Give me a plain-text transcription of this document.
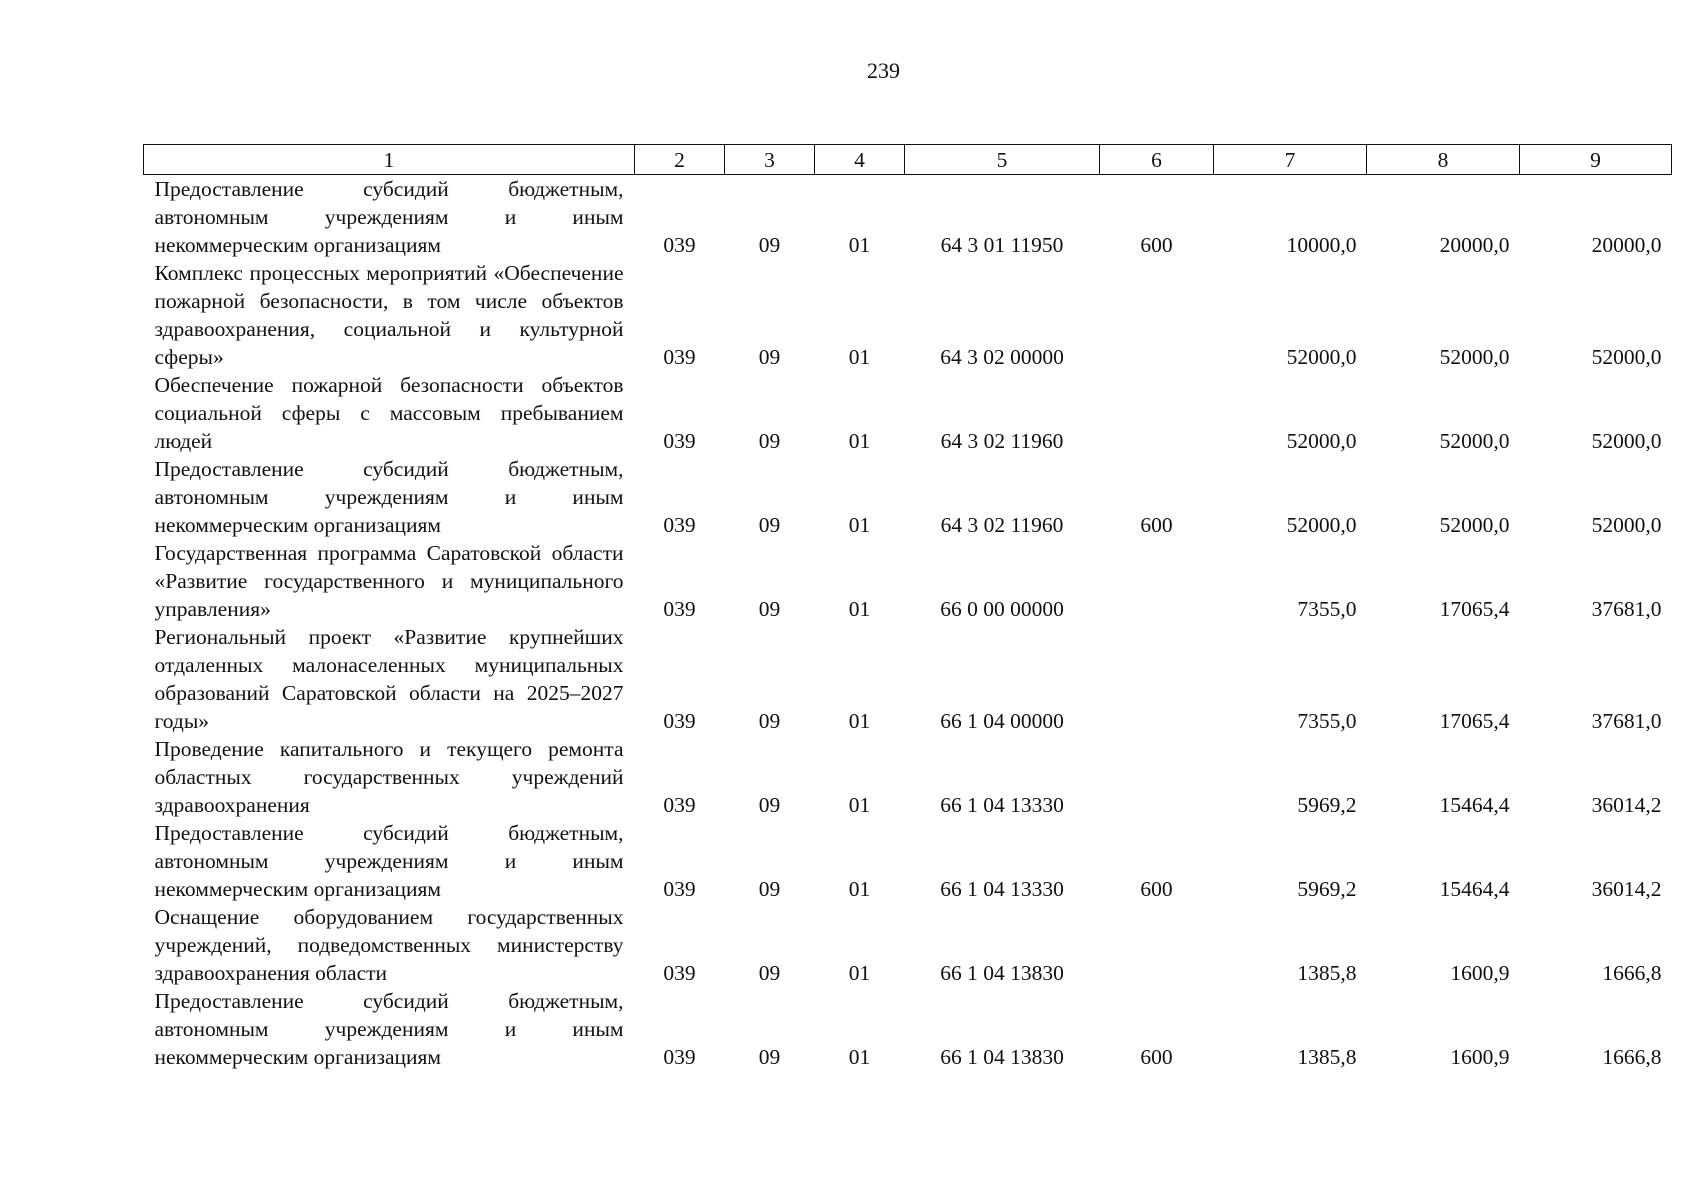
239
1	2	3	4	5	6	7	8	9
Предоставление субсидий бюджетным, автономным учреждениям и иным некоммерческим организациям	039	09	01	64 3 01 11950	600	10000,0	20000,0	20000,0
Комплекс процессных мероприятий «Обеспечение пожарной безопасности, в том числе объектов здравоохранения, социальной и культурной сферы»	039	09	01	64 3 02 00000		52000,0	52000,0	52000,0
Обеспечение пожарной безопасности объектов социальной сферы с массовым пребыванием людей	039	09	01	64 3 02 11960		52000,0	52000,0	52000,0
Предоставление субсидий бюджетным, автономным учреждениям и иным некоммерческим организациям	039	09	01	64 3 02 11960	600	52000,0	52000,0	52000,0
Государственная программа Саратовской области «Развитие государственного и муниципального управления»	039	09	01	66 0 00 00000		7355,0	17065,4	37681,0
Региональный проект «Развитие крупнейших отдаленных малонаселенных муниципальных образований Саратовской области на 2025–2027 годы»	039	09	01	66 1 04 00000		7355,0	17065,4	37681,0
Проведение капитального и текущего ремонта областных государственных учреждений здравоохранения	039	09	01	66 1 04 13330		5969,2	15464,4	36014,2
Предоставление субсидий бюджетным, автономным учреждениям и иным некоммерческим организациям	039	09	01	66 1 04 13330	600	5969,2	15464,4	36014,2
Оснащение оборудованием государственных учреждений, подведомственных министерству здравоохранения области	039	09	01	66 1 04 13830		1385,8	1600,9	1666,8
Предоставление субсидий бюджетным, автономным учреждениям и иным некоммерческим организациям	039	09	01	66 1 04 13830	600	1385,8	1600,9	1666,8
